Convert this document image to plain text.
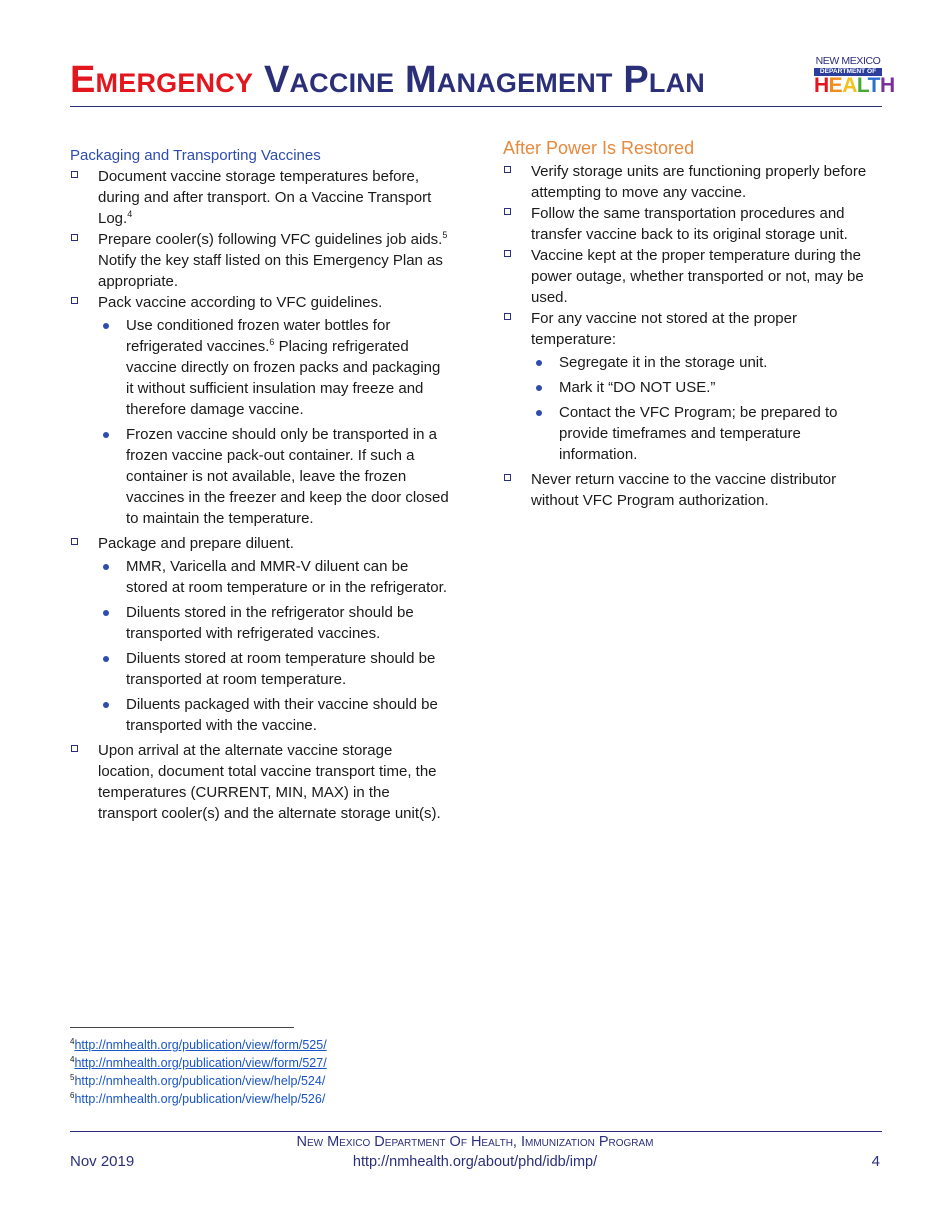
Emergency Vaccine Management Plan	NEW MEXICO
DEPARTMENT OF
HEALTH
Packaging and Transporting Vaccines
Document vaccine storage temperatures before, during and after transport. On a Vaccine Transport Log.$^4$
Prepare cooler(s) following VFC guidelines job aids.$^5$ Notify the key staff listed on this Emergency Plan as appropriate.
Pack vaccine according to VFC guidelines.
Use conditioned frozen water bottles for refrigerated vaccines.$^6$ Placing refrigerated vaccine directly on frozen packs and packaging it without sufficient insulation may freeze and therefore damage vaccine.
Frozen vaccine should only be transported in a frozen vaccine pack-out container. If such a container is not available, leave the frozen vaccines in the freezer and keep the door closed to maintain the temperature.
Package and prepare diluent.
MMR, Varicella and MMR-V diluent can be stored at room temperature or in the refrigerator.
Diluents stored in the refrigerator should be transported with refrigerated vaccines.
Diluents stored at room temperature should be transported at room temperature.
Diluents packaged with their vaccine should be transported with the vaccine.
Upon arrival at the alternate vaccine storage location, document total vaccine transport time, the temperatures (CURRENT, MIN, MAX) in the transport cooler(s) and the alternate storage unit(s).
After Power Is Restored
Verify storage units are functioning properly before attempting to move any vaccine.
Follow the same transportation procedures and transfer vaccine back to its original storage unit.
Vaccine kept at the proper temperature during the power outage, whether transported or not, may be used.
For any vaccine not stored at the proper temperature:
Segregate it in the storage unit.
Mark it “DO NOT USE.”
Contact the VFC Program; be prepared to provide timeframes and temperature information.
Never return vaccine to the vaccine distributor without VFC Program authorization.
$^4$http://nmhealth.org/publication/view/form/525/
$^4$http://nmhealth.org/publication/view/form/527/
$^5$http://nmhealth.org/publication/view/help/524/
$^6$http://nmhealth.org/publication/view/help/526/
New Mexico Department Of Health, Immunization Program
http://nmhealth.org/about/phd/idb/imp/
Nov 2019	4
